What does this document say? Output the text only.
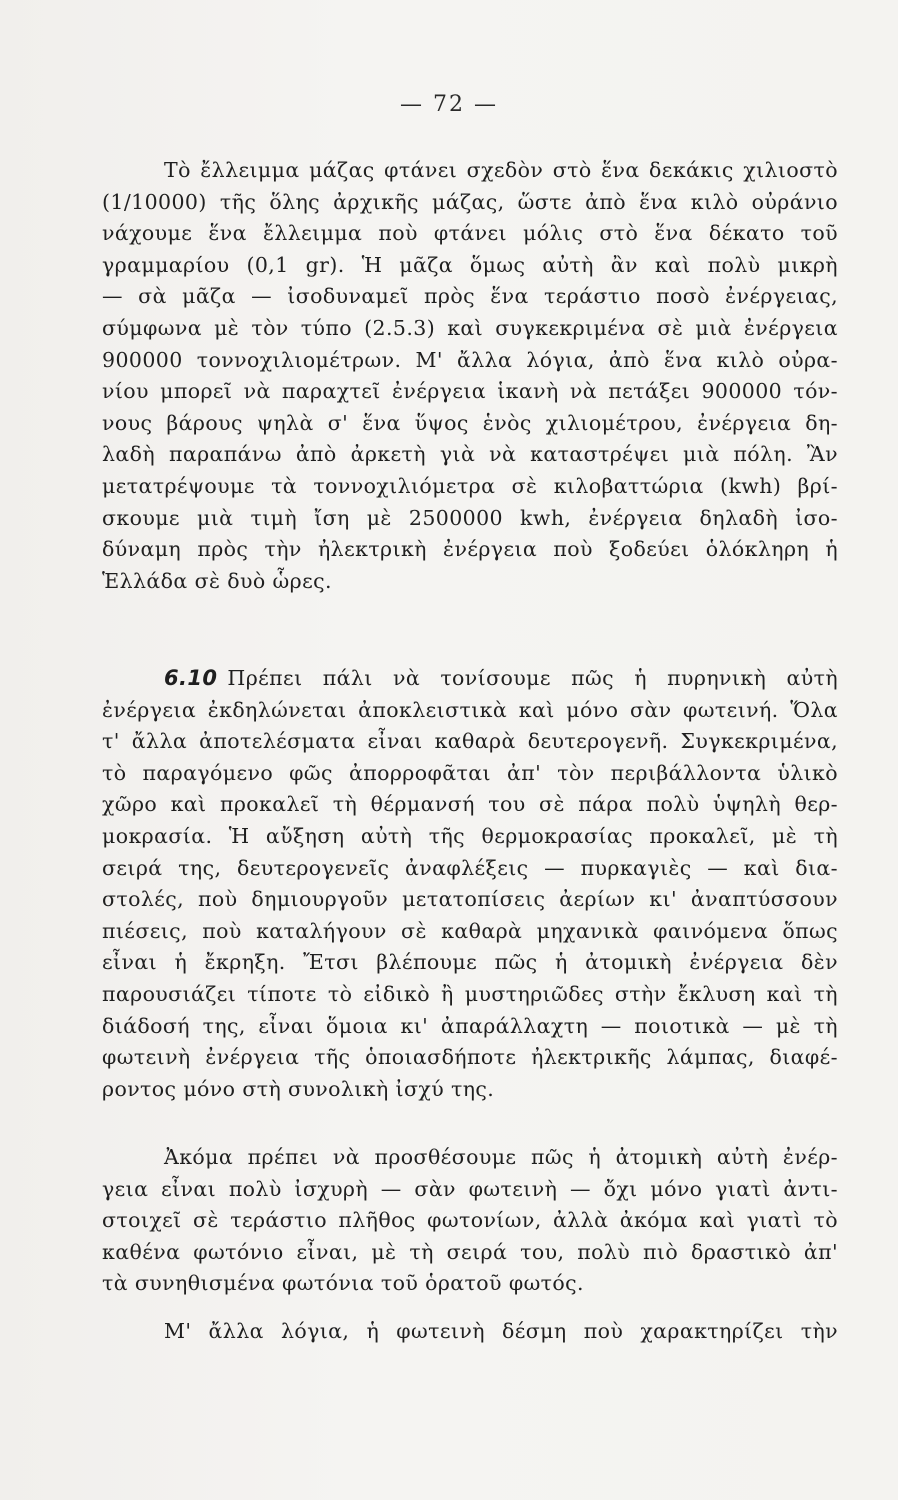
— 72 —
Τὸ ἔλλειμμα μάζας φτάνει σχεδὸν στὸ ἕνα δεκάκις χιλιοστὸ
(1/10000) τῆς ὅλης ἀρχικῆς μάζας, ὥστε ἀπὸ ἕνα κιλὸ οὐράνιο
νάχουμε ἕνα ἔλλειμμα ποὺ φτάνει μόλις στὸ ἕνα δέκατο τοῦ
γραμμαρίου (0,1 gr). Ἡ μᾶζα ὅμως αὐτὴ ἂν καὶ πολὺ μικρὴ
— σὰ μᾶζα — ἰσοδυναμεῖ πρὸς ἕνα τεράστιο ποσὸ ἐνέργειας,
σύμφωνα μὲ τὸν τύπο (2.5.3) καὶ συγκεκριμένα σὲ μιὰ ἐνέργεια
900000 τοννοχιλιομέτρων. Μ' ἄλλα λόγια, ἀπὸ ἕνα κιλὸ οὐρα-
νίου μπορεῖ νὰ παραχτεῖ ἐνέργεια ἱκανὴ νὰ πετάξει 900000 τόν-
νους βάρους ψηλὰ σ' ἕνα ὕψος ἑνὸς χιλιομέτρου, ἐνέργεια δη-
λαδὴ παραπάνω ἀπὸ ἀρκετὴ γιὰ νὰ καταστρέψει μιὰ πόλη. Ἂν
μετατρέψουμε τὰ τοννοχιλιόμετρα σὲ κιλοβαττώρια (kwh) βρί-
σκουμε μιὰ τιμὴ ἴση μὲ 2500000 kwh, ἐνέργεια δηλαδὴ ἰσο-
δύναμη πρὸς τὴν ἠλεκτρικὴ ἐνέργεια ποὺ ξοδεύει ὁλόκληρη ἡ
Ἑλλάδα σὲ δυὸ ὧρες.
6.10 Πρέπει πάλι νὰ τονίσουμε πῶς ἡ πυρηνικὴ αὐτὴ
ἐνέργεια ἐκδηλώνεται ἀποκλειστικὰ καὶ μόνο σὰν φωτεινή. Ὅλα
τ' ἄλλα ἀποτελέσματα εἶναι καθαρὰ δευτερογενῆ. Συγκεκριμένα,
τὸ παραγόμενο φῶς ἀπορροφᾶται ἀπ' τὸν περιβάλλοντα ὑλικὸ
χῶρο καὶ προκαλεῖ τὴ θέρμανσή του σὲ πάρα πολὺ ὑψηλὴ θερ-
μοκρασία. Ἡ αὔξηση αὐτὴ τῆς θερμοκρασίας προκαλεῖ, μὲ τὴ
σειρά της, δευτερογενεῖς ἀναφλέξεις — πυρκαγιὲς — καὶ δια-
στολές, ποὺ δημιουργοῦν μετατοπίσεις ἀερίων κι' ἀναπτύσσουν
πιέσεις, ποὺ καταλήγουν σὲ καθαρὰ μηχανικὰ φαινόμενα ὅπως
εἶναι ἡ ἔκρηξη. Ἔτσι βλέπουμε πῶς ἡ ἀτομικὴ ἐνέργεια δὲν
παρουσιάζει τίποτε τὸ εἰδικὸ ἢ μυστηριῶδες στὴν ἔκλυση καὶ τὴ
διάδοσή της, εἶναι ὅμοια κι' ἀπαράλλαχτη — ποιοτικὰ — μὲ τὴ
φωτεινὴ ἐνέργεια τῆς ὁποιασδήποτε ἠλεκτρικῆς λάμπας, διαφέ-
ροντος μόνο στὴ συνολικὴ ἰσχύ της.
Ἀκόμα πρέπει νὰ προσθέσουμε πῶς ἡ ἀτομικὴ αὐτὴ ἐνέρ-
γεια εἶναι πολὺ ἰσχυρὴ — σὰν φωτεινὴ — ὄχι μόνο γιατὶ ἀντι-
στοιχεῖ σὲ τεράστιο πλῆθος φωτονίων, ἀλλὰ ἀκόμα καὶ γιατὶ τὸ
καθένα φωτόνιο εἶναι, μὲ τὴ σειρά του, πολὺ πιὸ δραστικὸ ἀπ'
τὰ συνηθισμένα φωτόνια τοῦ ὁρατοῦ φωτός.
Μ' ἄλλα λόγια, ἡ φωτεινὴ δέσμη ποὺ χαρακτηρίζει τὴν
